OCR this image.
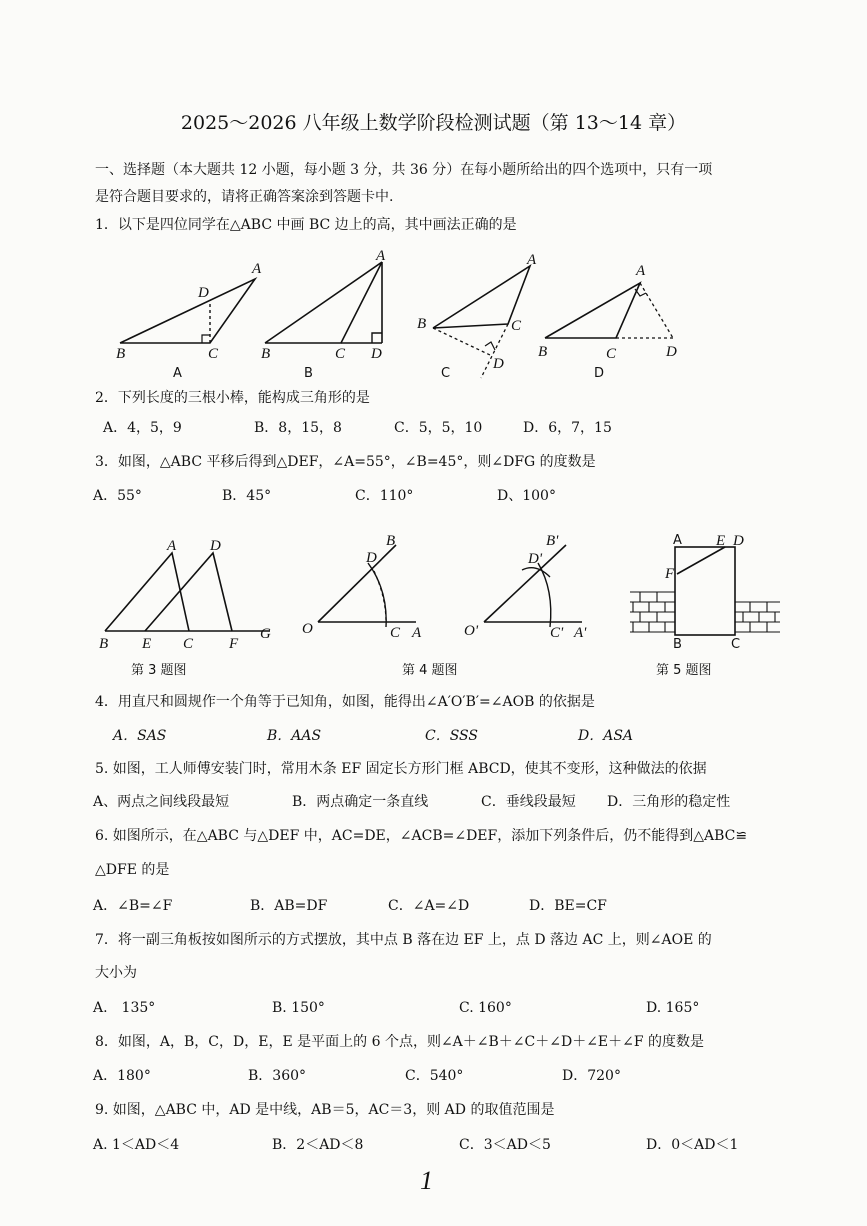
2025～2026 八年级上数学阶段检测试题（第 13～14 章）
一、选择题（本大题共 12 小题，每小题 3 分，共 36 分）在每小题所给出的四个选项中，只有一项
是符合题目要求的，请将正确答案涂到答题卡中.
1．以下是四位同学在△ABC 中画 BC 边上的高，其中画法正确的是
A
D
B	C
A
A
B	C D
B
A
B	C
D
C
A
B	C	D
D
2．下列长度的三根小棒，能构成三角形的是
A．4，5，9	B．8，15，8	C．5，5，10	D．6，7，15
3．如图，△ABC 平移后得到△DEF，∠A=55°，∠B=45°，则∠DFG 的度数是
A．55°	B．45°	C．110°	D、100°
A D
B E C F
G
第 3 题图
B
D
O	C A
第 4 题图
B'
D'
O'	C' A'
A E D
F
B	C
第 5 题图
4．用直尺和圆规作一个角等于已知角，如图，能得出∠A′O′B′=∠AOB 的依据是
A．SAS	B．AAS	C．SSS	D．ASA
5. 如图，工人师傅安装门时，常用木条 EF 固定长方形门框 ABCD，使其不变形，这种做法的依据
A、两点之间线段最短	B．两点确定一条直线	C．垂线段最短 D．三角形的稳定性
6. 如图所示，在△ABC 与△DEF 中，AC=DE，∠ACB=∠DEF，添加下列条件后，仍不能得到△ABC≌
△DFE 的是
A．∠B=∠F	B．AB=DF	C．∠A=∠D	D．BE=CF
7．将一副三角板按如图所示的方式摆放，其中点 B 落在边 EF 上，点 D 落边 AC 上，则∠AOE 的
大小为
A.　135°	B. 150°	C. 160°	D. 165°
8．如图，A，B，C，D，E，E 是平面上的 6 个点，则∠A＋∠B＋∠C＋∠D＋∠E＋∠F 的度数是
A．180°	B．360°	C．540°	D．720°
9. 如图，△ABC 中，AD 是中线，AB＝5，AC＝3，则 AD 的取值范围是
A. 1＜AD＜4	B．2＜AD＜8	C．3＜AD＜5	D．0＜AD＜1
1
